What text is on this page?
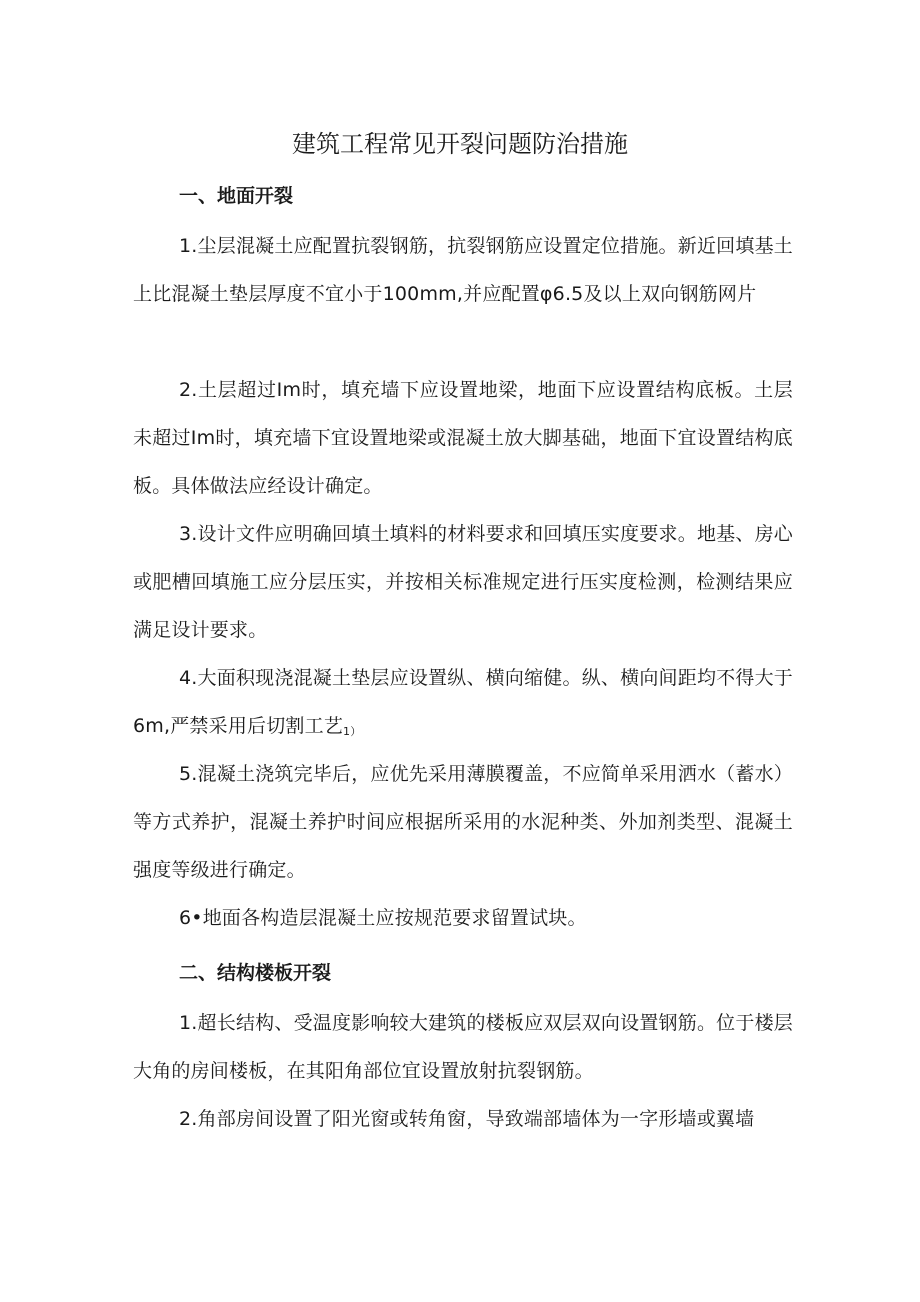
建筑工程常见开裂问题防治措施
一、地面开裂

1.尘层混凝土应配置抗裂钢筋，抗裂钢筋应设置定位措施。新近回填基土上比混凝土垫层厚度不宜小于100mm,并应配置φ6.5及以上双向钢筋网片

2.土层超过Im时，填充墙下应设置地梁，地面下应设置结构底板。土层未超过Im时，填充墙下宜设置地梁或混凝土放大脚基础，地面下宜设置结构底板。具体做法应经设计确定。

3.设计文件应明确回填土填料的材料要求和回填压实度要求。地基、房心或肥槽回填施工应分层压实，并按相关标准规定进行压实度检测，检测结果应满足设计要求。

4.大面积现浇混凝土垫层应设置纵、横向缩健。纵、横向间距均不得大于6m,严禁采用后切割工艺$_{1)}$

5.混凝土浇筑完毕后，应优先采用薄膜覆盖，不应简单采用洒水（蓄水）等方式养护，混凝土养护时间应根据所采用的水泥种类、外加剂类型、混凝土强度等级进行确定。

6•地面各构造层混凝土应按规范要求留置试块。

二、结构楼板开裂

1.超长结构、受温度影响较大建筑的楼板应双层双向设置钢筋。位于楼层大角的房间楼板，在其阳角部位宜设置放射抗裂钢筋。

2.角部房间设置了阳光窗或转角窗，导致端部墙体为一字形墙或翼墙
